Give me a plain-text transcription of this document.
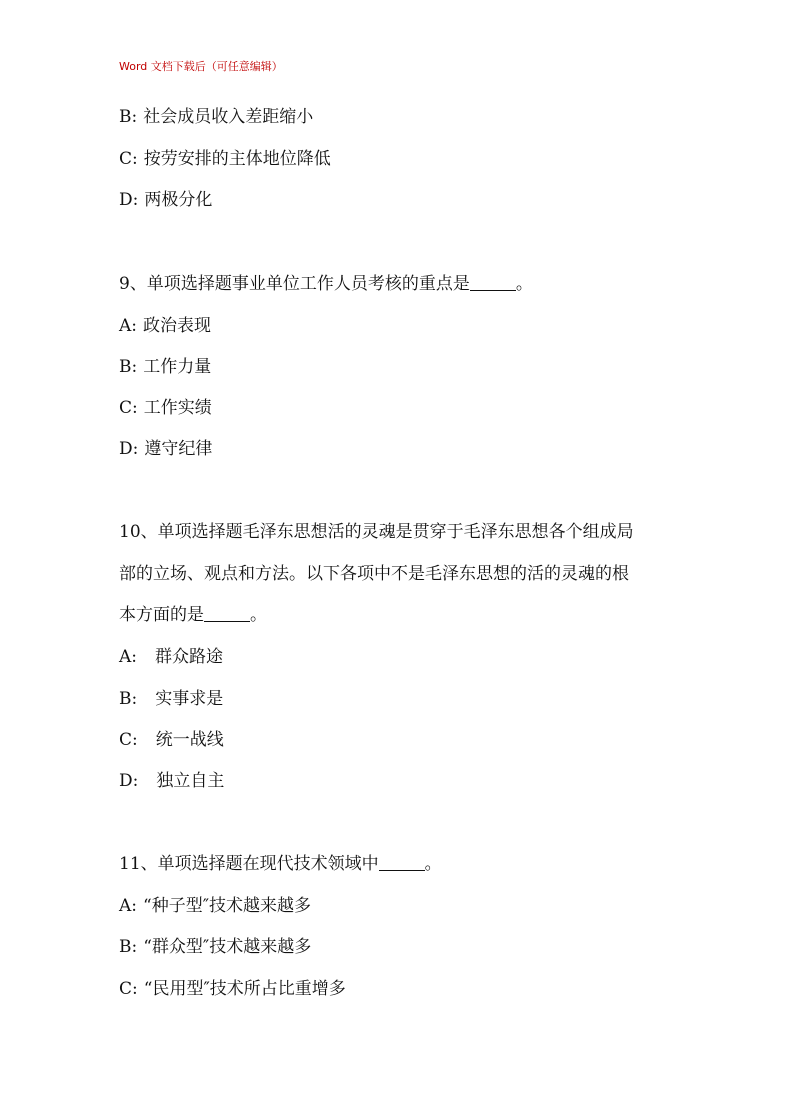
Word 文档下载后（可任意编辑）
B: 社会成员收入差距缩小
C: 按劳安排的主体地位降低
D: 两极分化
9、单项选择题事业单位工作人员考核的重点是	。
A: 政治表现
B: 工作力量
C: 工作实绩
D: 遵守纪律
10、单项选择题毛泽东思想活的灵魂是贯穿于毛泽东思想各个组成局
部的立场、观点和方法。以下各项中不是毛泽东思想的活的灵魂的根
本方面的是	。
A: 群众路途
B: 实事求是
C: 统一战线
D: 独立自主
11、单项选择题在现代技术领域中	。
A: “种子型″技术越来越多
B: “群众型″技术越来越多
C: “民用型″技术所占比重增多
